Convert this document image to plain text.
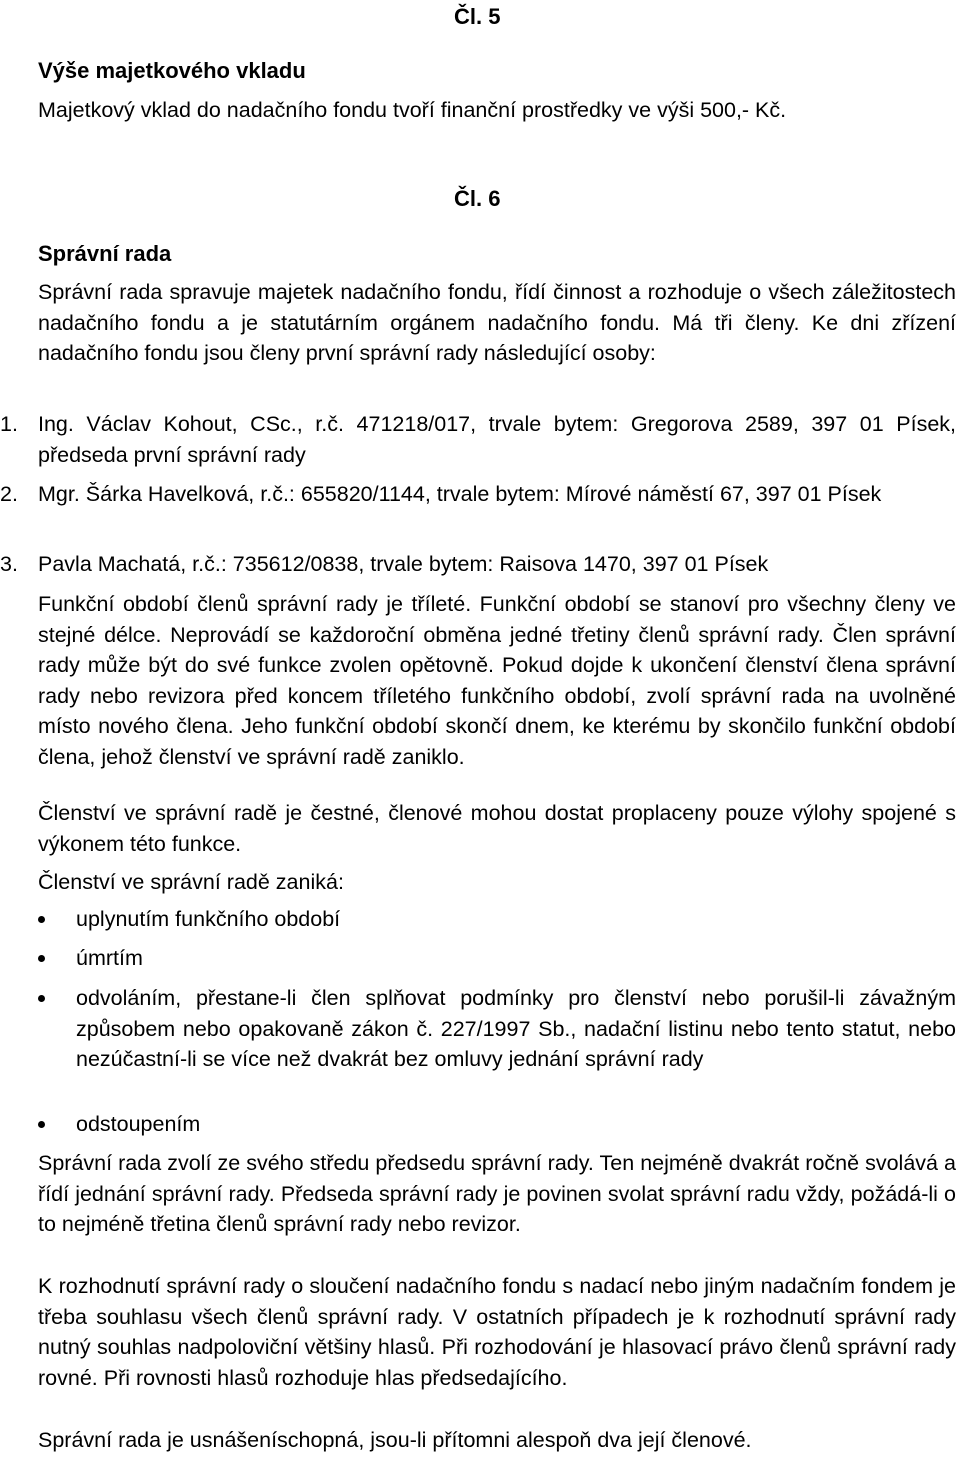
Čl. 5
Výše majetkového vkladu
Majetkový vklad do nadačního fondu tvoří finanční prostředky ve výši 500,- Kč.
Čl. 6
Správní rada
Správní rada spravuje majetek nadačního fondu, řídí činnost a rozhoduje o všech záležitostech nadačního fondu a je statutárním orgánem nadačního fondu. Má tři členy. Ke dni zřízení nadačního fondu jsou členy první správní rady následující osoby:
1. Ing. Václav Kohout, CSc., r.č. 471218/017, trvale bytem: Gregorova 2589, 397 01 Písek, předseda první správní rady
2. Mgr. Šárka Havelková, r.č.: 655820/1144, trvale bytem: Mírové náměstí 67, 397 01 Písek
3. Pavla Machatá, r.č.: 735612/0838, trvale bytem: Raisova 1470, 397 01 Písek
Funkční období členů správní rady je tříleté. Funkční období se stanoví pro všechny členy ve stejné délce. Neprovádí se každoroční obměna jedné třetiny členů správní rady. Člen správní rady může být do své funkce zvolen opětovně. Pokud dojde k ukončení členství člena správní rady nebo revizora před koncem tříletého funkčního období, zvolí správní rada na uvolněné místo nového člena. Jeho funkční období skončí dnem, ke kterému by skončilo funkční období člena, jehož členství ve správní radě zaniklo.
Členství ve správní radě je čestné, členové mohou dostat proplaceny pouze výlohy spojené s výkonem této funkce.
Členství ve správní radě zaniká:
uplynutím funkčního období
úmrtím
odvoláním, přestane-li člen splňovat podmínky pro členství nebo porušil-li závažným způsobem nebo opakovaně zákon č. 227/1997 Sb., nadační listinu nebo tento statut, nebo nezúčastní-li se více než dvakrát bez omluvy jednání správní rady
odstoupením
Správní rada zvolí ze svého středu předsedu správní rady. Ten nejméně dvakrát ročně svolává a řídí jednání správní rady. Předseda správní rady je povinen svolat správní radu vždy, požádá-li o to nejméně třetina členů správní rady nebo revizor.
K rozhodnutí správní rady o sloučení nadačního fondu s nadací nebo jiným nadačním fondem je třeba souhlasu všech členů správní rady. V ostatních případech je k rozhodnutí správní rady nutný souhlas nadpoloviční většiny hlasů. Při rozhodování je hlasovací právo členů správní rady rovné. Při rovnosti hlasů rozhoduje hlas předsedajícího.
Správní rada je usnášeníschopná, jsou-li přítomni alespoň dva její členové.
